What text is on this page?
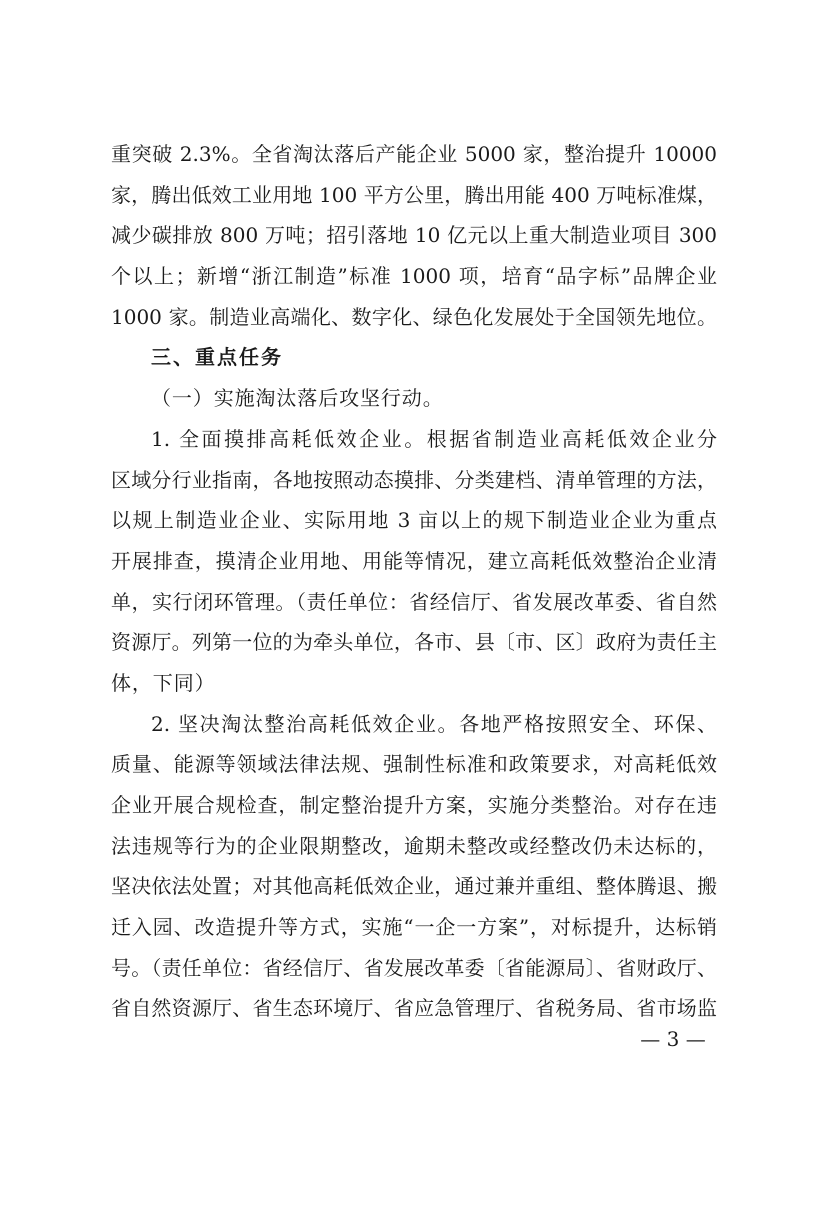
重突破 2.3%。全省淘汰落后产能企业 5000 家，整治提升 10000
家，腾出低效工业用地 100 平方公里，腾出用能 400 万吨标准煤，
减少碳排放 800 万吨；招引落地 10 亿元以上重大制造业项目 300
个以上；新增“浙江制造”标准 1000 项，培育“品字标”品牌企业
1000 家。制造业高端化、数字化、绿色化发展处于全国领先地位。
三、重点任务
（一）实施淘汰落后攻坚行动。
1. 全面摸排高耗低效企业。根据省制造业高耗低效企业分
区域分行业指南，各地按照动态摸排、分类建档、清单管理的方法，
以规上制造业企业、实际用地 3 亩以上的规下制造业企业为重点
开展排查，摸清企业用地、用能等情况，建立高耗低效整治企业清
单，实行闭环管理。（责任单位：省经信厅、省发展改革委、省自然
资源厅。列第一位的为牵头单位，各市、县〔市、区〕政府为责任主
体，下同）
2. 坚决淘汰整治高耗低效企业。各地严格按照安全、环保、
质量、能源等领域法律法规、强制性标准和政策要求，对高耗低效
企业开展合规检查，制定整治提升方案，实施分类整治。对存在违
法违规等行为的企业限期整改，逾期未整改或经整改仍未达标的，
坚决依法处置；对其他高耗低效企业，通过兼并重组、整体腾退、搬
迁入园、改造提升等方式，实施“一企一方案”，对标提升，达标销
号。（责任单位：省经信厅、省发展改革委〔省能源局〕、省财政厅、
省自然资源厅、省生态环境厅、省应急管理厅、省税务局、省市场监
— 3 —
